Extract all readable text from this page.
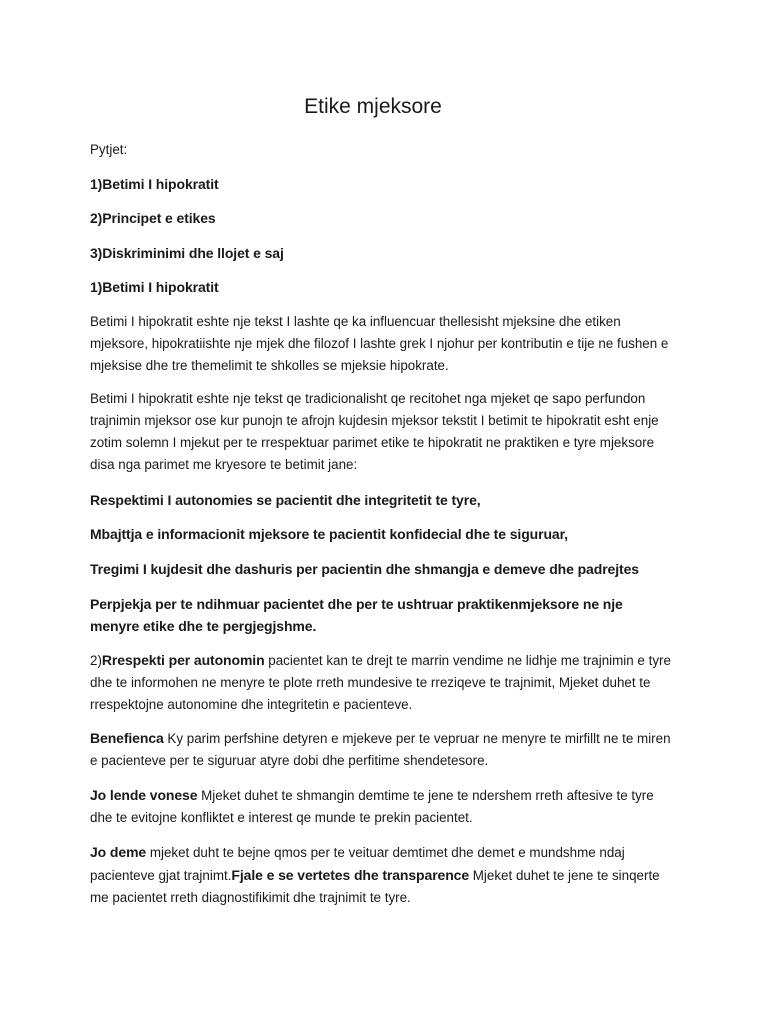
Etike mjeksore

Pytjet:

1)Betimi I hipokratit

2)Principet e etikes

3)Diskriminimi dhe llojet e saj

1)Betimi I hipokratit

Betimi I hipokratit eshte nje tekst I lashte qe ka influencuar thellesisht mjeksine dhe etiken mjeksore, hipokratiishte nje mjek dhe filozof I lashte grek I njohur per kontributin e tije ne fushen e mjeksise dhe tre themelimit te shkolles se mjeksie hipokrate.

Betimi I hipokratit eshte nje tekst qe tradicionalisht qe recitohet nga mjeket qe sapo perfundon trajnimin mjeksor ose kur punojn te afrojn kujdesin mjeksor tekstit I betimit te hipokratit esht enje zotim solemn I mjekut per te rrespektuar parimet etike te hipokratit ne praktiken e tyre mjeksore disa nga parimet me kryesore te betimit jane:

Respektimi I autonomies se pacientit dhe integritetit te tyre,

Mbajttja e informacionit mjeksore te pacientit konfidecial dhe te siguruar,

Tregimi I kujdesit dhe dashuris per pacientin dhe shmangja e demeve dhe padrejtes

Perpjekja per te ndihmuar pacientet dhe per te ushtruar praktikenmjeksore ne nje menyre etike dhe te pergjegjshme.

2)Rrespekti per autonomin pacientet kan te drejt te marrin vendime ne lidhje me trajnimin e tyre dhe te informohen ne menyre te plote rreth mundesive te rreziqeve te trajnimit, Mjeket duhet te rrespektojne autonomine dhe integritetin e pacienteve.

Benefienca Ky parim perfshine detyren e mjekeve per te vepruar ne menyre te mirfillt ne te miren e pacienteve per te siguruar atyre dobi dhe perfitime shendetesore.

Jo lende vonese Mjeket duhet te shmangin demtime te jene te ndershem rreth aftesive te tyre dhe te evitojne konfliktet e interest qe munde te prekin pacientet.

Jo deme mjeket duht te bejne qmos per te veituar demtimet dhe demet e mundshme ndaj pacienteve gjat trajnimt.Fjale e se vertetes dhe transparence Mjeket duhet te jene te sinqerte me pacientet rreth diagnostifikimit dhe trajnimit te tyre.
